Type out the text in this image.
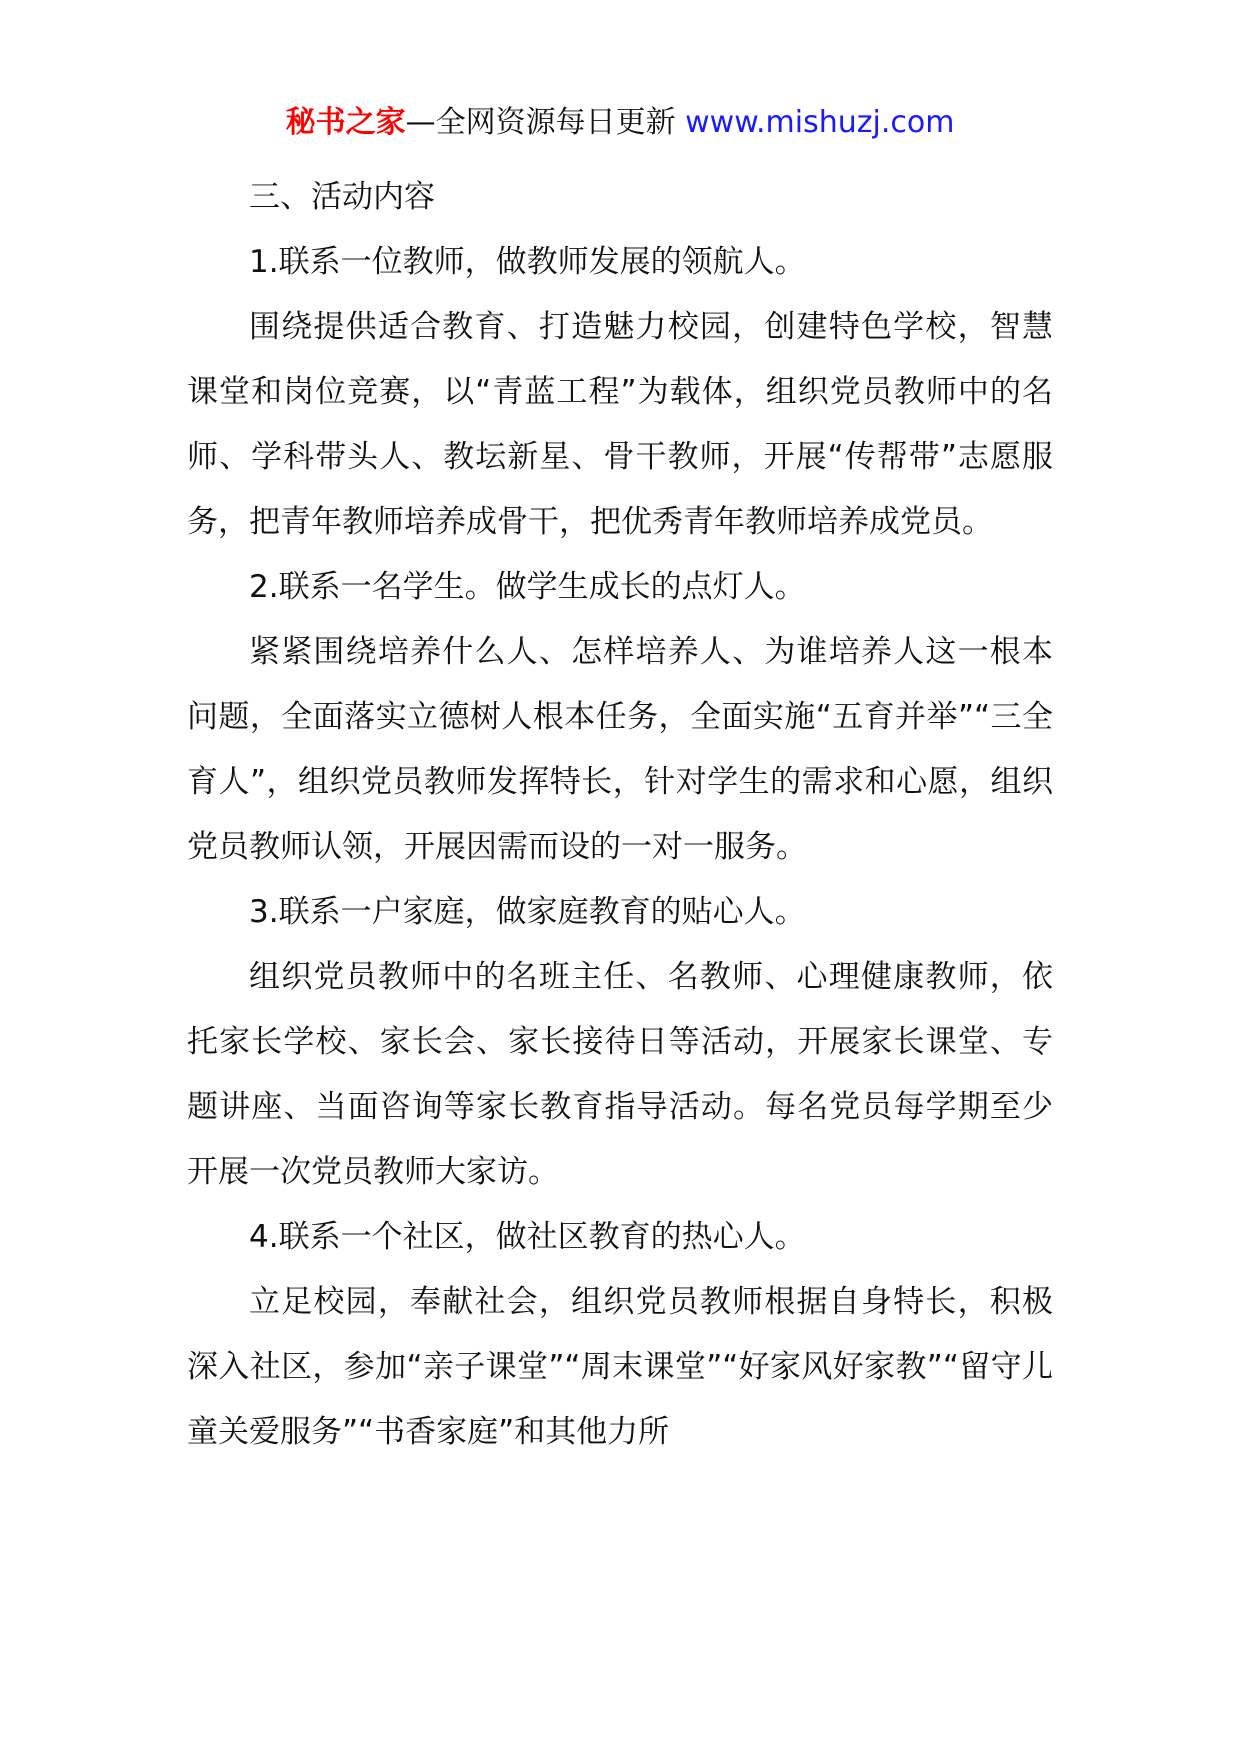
秘书之家—全网资源每日更新 www.mishuzj.com

三、活动内容

1.联系一位教师，做教师发展的领航人。

围绕提供适合教育、打造魅力校园，创建特色学校，智慧课堂和岗位竞赛，以“青蓝工程”为载体，组织党员教师中的名师、学科带头人、教坛新星、骨干教师，开展“传帮带”志愿服务，把青年教师培养成骨干，把优秀青年教师培养成党员。

2.联系一名学生。做学生成长的点灯人。

紧紧围绕培养什么人、怎样培养人、为谁培养人这一根本问题，全面落实立德树人根本任务，全面实施“五育并举”“三全育人”，组织党员教师发挥特长，针对学生的需求和心愿，组织党员教师认领，开展因需而设的一对一服务。

3.联系一户家庭，做家庭教育的贴心人。

组织党员教师中的名班主任、名教师、心理健康教师，依托家长学校、家长会、家长接待日等活动，开展家长课堂、专题讲座、当面咨询等家长教育指导活动。每名党员每学期至少开展一次党员教师大家访。

4.联系一个社区，做社区教育的热心人。

立足校园，奉献社会，组织党员教师根据自身特长，积极深入社区，参加“亲子课堂”“周末课堂”“好家风好家教”“留守儿童关爱服务”“书香家庭”和其他力所
